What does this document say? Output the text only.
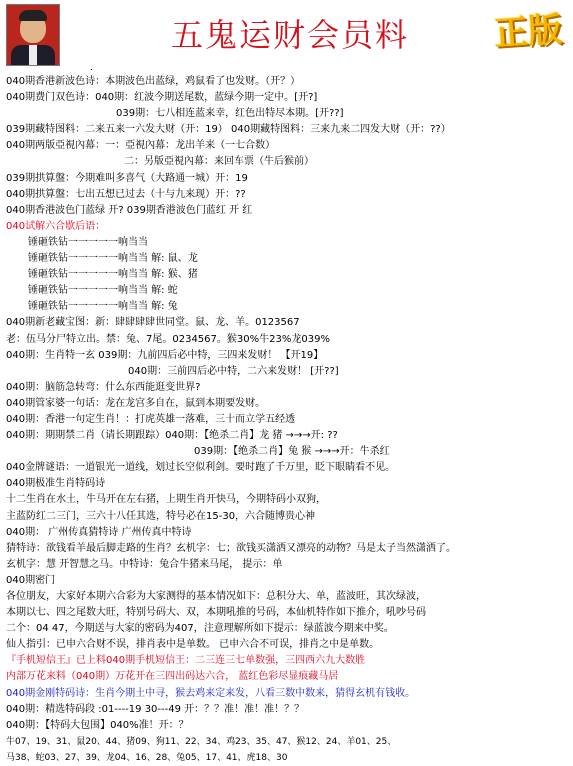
五鬼运财会员料	正版
.
040期香港新波色诗：本期波色出蓝绿，鸡鼠看了也发财。（开？）
040期费门双色诗：040期：红波今期送尾数，蓝绿今期一定中。[开?]
039期：七八相连蓝来幸，红色出特尽本期。[开??]
039期藏特图料：二来五来一六发大财（开：19） 040期藏特图料：三来九来二四发大财（开：??）
040期两版亞視內幕：一：亞視內幕：龙出羊来（一七合数）
二：另版亞視內幕：来回车票（牛后猴前）
039期拱算盤：今期难叫多喜气（大路通一城）开：19
040期拱算盤：七出五想已过去（十与九来现）开：??
040期香港波色门蓝绿 开? 039期香港波色门蓝红 开 红
040试解六合歇后语：
锤砸铁钻一一一一一响当当
锤砸铁钻一一一一一响当当 解: 鼠、龙
锤砸铁钻一一一一一响当当 解: 猴、猪
锤砸铁钻一一一一一响当当 解: 蛇
锤砸铁钻一一一一一响当当 解: 兔
040期新老藏宝图：新：肆肆肆肆世同堂。鼠、龙、羊。0123567
老：伍马分尸特立出。禁：兔、7尾。0234567。猴30%牛23%龙039%
040期：生肖特一玄 039期：九前四后必中特，三四来发财！ 【开19】
040期：三前四后必中特，二六来发财！ [开??]
040期：脑筋急转弯：什么东西能逛变世界?
040期管家婆一句话：龙在龙宫多自在，鼠到本期要发财。
040期：香港一句定生肖！：打虎英雄一落难，三十而立学五经透
040期：期期禁二肖（请长期跟踪）040期：【绝杀二肖】龙 猪 →→→开: ??
039期：【绝杀二肖】兔 猴 →→→开：牛杀红
040金牌谜语：一道银光一道线，划过长空似利剑。要时跑了千万里，眨下眼睛看不见。
040期极准生肖特码诗
十二生肖在水土，牛马开在左右猪，上期生肖开快马，今期特码小双狗，
主蓝防红二三门，三六十八任其选，特号必在15-30，六合随博贵心神
040期： 广州传真猜特诗 广州传真中特诗
猜特诗：欲钱看羊最后脚走路的生肖？玄机字：七；欲钱买潇洒又漂亮的动物？马是太子当然潇洒了。
玄机字：慧 开智慧之马。中特诗：兔合牛猪来马尾， 提示：单
040期密门
各位朋友，大家好本期六合彩为大家测得的基本情况如下：总积分大、单，蓝波旺，其次绿波，
本期以七、四之尾数大旺，特别号码大、双，本期吼推的号码，本仙机特作如下推介，吼吵号码
二个：04 47，今期送与大家的密码为407，注意理解所如下提示：绿蓝波今期来中奖。
仙人指引：已申六合财不误，排肖表中是单数。 已申六合不可误，排肖之中是单数。
『手机短信王』已上料040期手机短信王：二三连三七单数强，三四西六九大数胜
内部万花来料（040期）万花开在三四出码达六合， 蓝红色彩尽显痕藏马居
040期金刚特码诗：生肖今期土中寻，猴去鸡来定来发，八看三数中数来，猜得玄机有钱收。
040期：精选特码段 :01----19 30---49 开：？？准！准！准！？？
040期：【特码大包围】040%准！开：？
牛07、19、31、鼠20、44、猪09、狗11、22、34、鸡23、35、47、猴12、24、羊01、25、
马38、蛇03、27、39、龙04、16、28、兔05、17、41、虎18、30
